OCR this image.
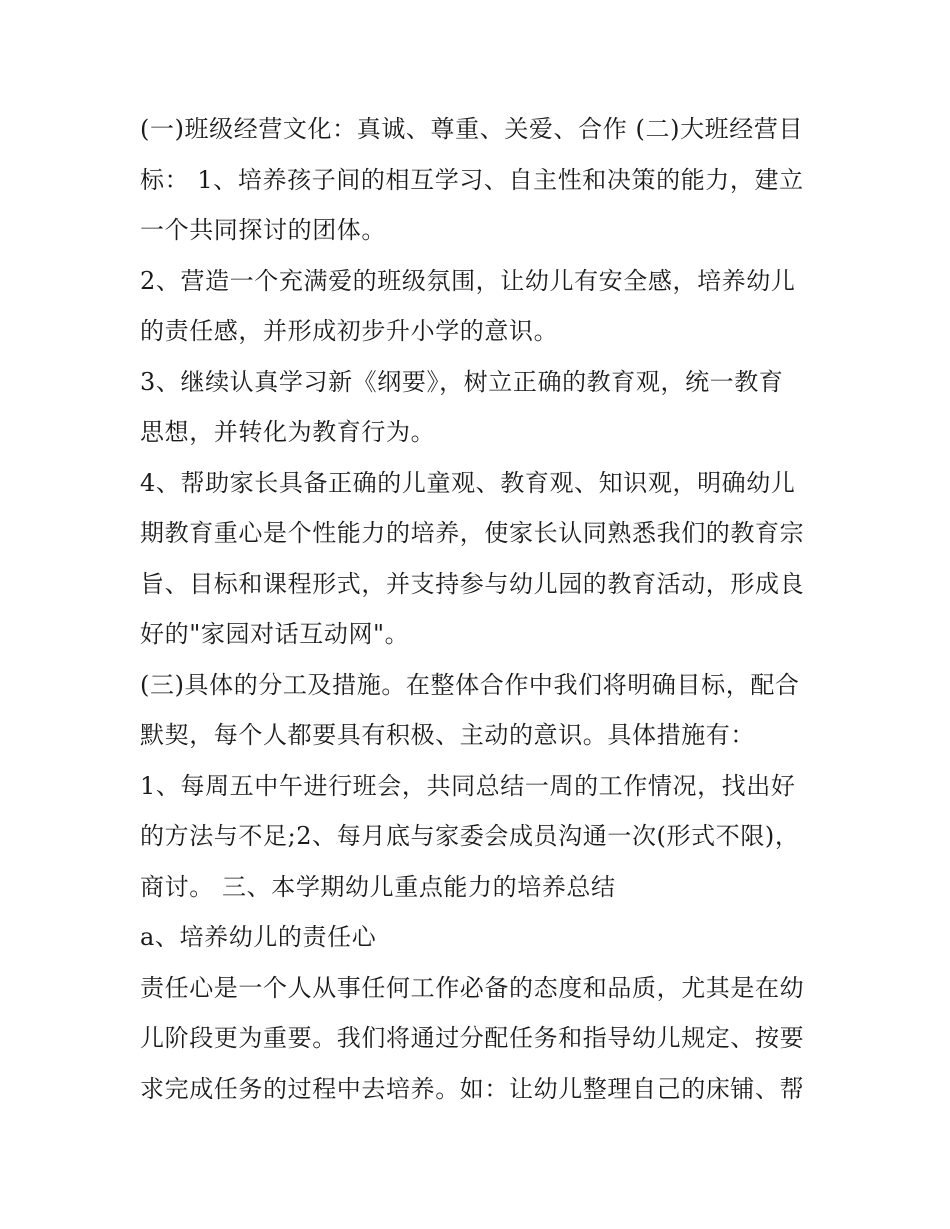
(一)班级经营文化：真诚、尊重、关爱、合作 (二)大班经营目
标： 1、培养孩子间的相互学习、自主性和决策的能力，建立
一个共同探讨的团体。
2、营造一个充满爱的班级氛围，让幼儿有安全感，培养幼儿
的责任感，并形成初步升小学的意识。
3、继续认真学习新《纲要》，树立正确的教育观，统一教育
思想，并转化为教育行为。
4、帮助家长具备正确的儿童观、教育观、知识观，明确幼儿
期教育重心是个性能力的培养，使家长认同熟悉我们的教育宗
旨、目标和课程形式，并支持参与幼儿园的教育活动，形成良
好的"家园对话互动网"。
(三)具体的分工及措施。在整体合作中我们将明确目标，配合
默契，每个人都要具有积极、主动的意识。具体措施有：
1、每周五中午进行班会，共同总结一周的工作情况，找出好
的方法与不足;2、每月底与家委会成员沟通一次(形式不限)，
商讨。 三、本学期幼儿重点能力的培养总结
a、培养幼儿的责任心
责任心是一个人从事任何工作必备的态度和品质，尤其是在幼
儿阶段更为重要。我们将通过分配任务和指导幼儿规定、按要
求完成任务的过程中去培养。如：让幼儿整理自己的床铺、帮
